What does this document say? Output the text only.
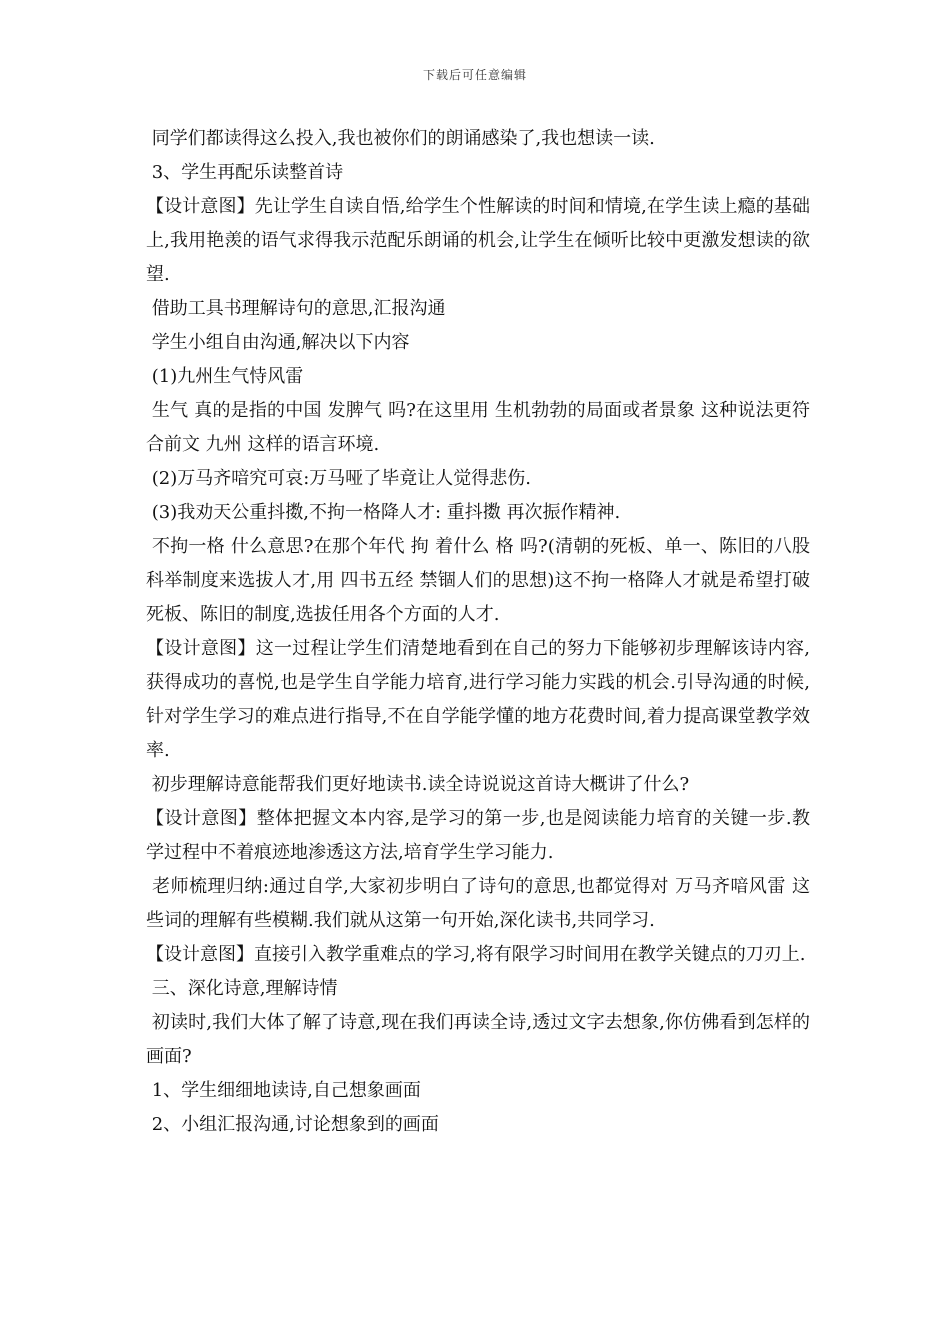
下载后可任意编辑

同学们都读得这么投入,我也被你们的朗诵感染了,我也想读一读.

3、学生再配乐读整首诗

【设计意图】先让学生自读自悟,给学生个性解读的时间和情境,在学生读上瘾的基础上,我用艳羡的语气求得我示范配乐朗诵的机会,让学生在倾听比较中更激发想读的欲望.

借助工具书理解诗句的意思,汇报沟通

学生小组自由沟通,解决以下内容

(1)九州生气恃风雷

生气 真的是指的中国 发脾气 吗?在这里用 生机勃勃的局面或者景象 这种说法更符合前文 九州 这样的语言环境.

(2)万马齐喑究可哀:万马哑了毕竟让人觉得悲伤.

(3)我劝天公重抖擞,不拘一格降人才: 重抖擞 再次振作精神.

不拘一格 什么意思?在那个年代 拘 着什么 格 吗?(清朝的死板、单一、陈旧的八股科举制度来选拔人才,用 四书五经 禁锢人们的思想)这不拘一格降人才就是希望打破死板、陈旧的制度,选拔任用各个方面的人才.

【设计意图】这一过程让学生们清楚地看到在自己的努力下能够初步理解该诗内容,获得成功的喜悦,也是学生自学能力培育,进行学习能力实践的机会.引导沟通的时候,针对学生学习的难点进行指导,不在自学能学懂的地方花费时间,着力提高课堂教学效率.

初步理解诗意能帮我们更好地读书.读全诗说说这首诗大概讲了什么?

【设计意图】整体把握文本内容,是学习的第一步,也是阅读能力培育的关键一步.教学过程中不着痕迹地渗透这方法,培育学生学习能力.

老师梳理归纳:通过自学,大家初步明白了诗句的意思,也都觉得对 万马齐喑风雷 这些词的理解有些模糊.我们就从这第一句开始,深化读书,共同学习.

【设计意图】直接引入教学重难点的学习,将有限学习时间用在教学关键点的刀刃上.

三、深化诗意,理解诗情

初读时,我们大体了解了诗意,现在我们再读全诗,透过文字去想象,你仿佛看到怎样的画面?

1、学生细细地读诗,自己想象画面

2、小组汇报沟通,讨论想象到的画面
